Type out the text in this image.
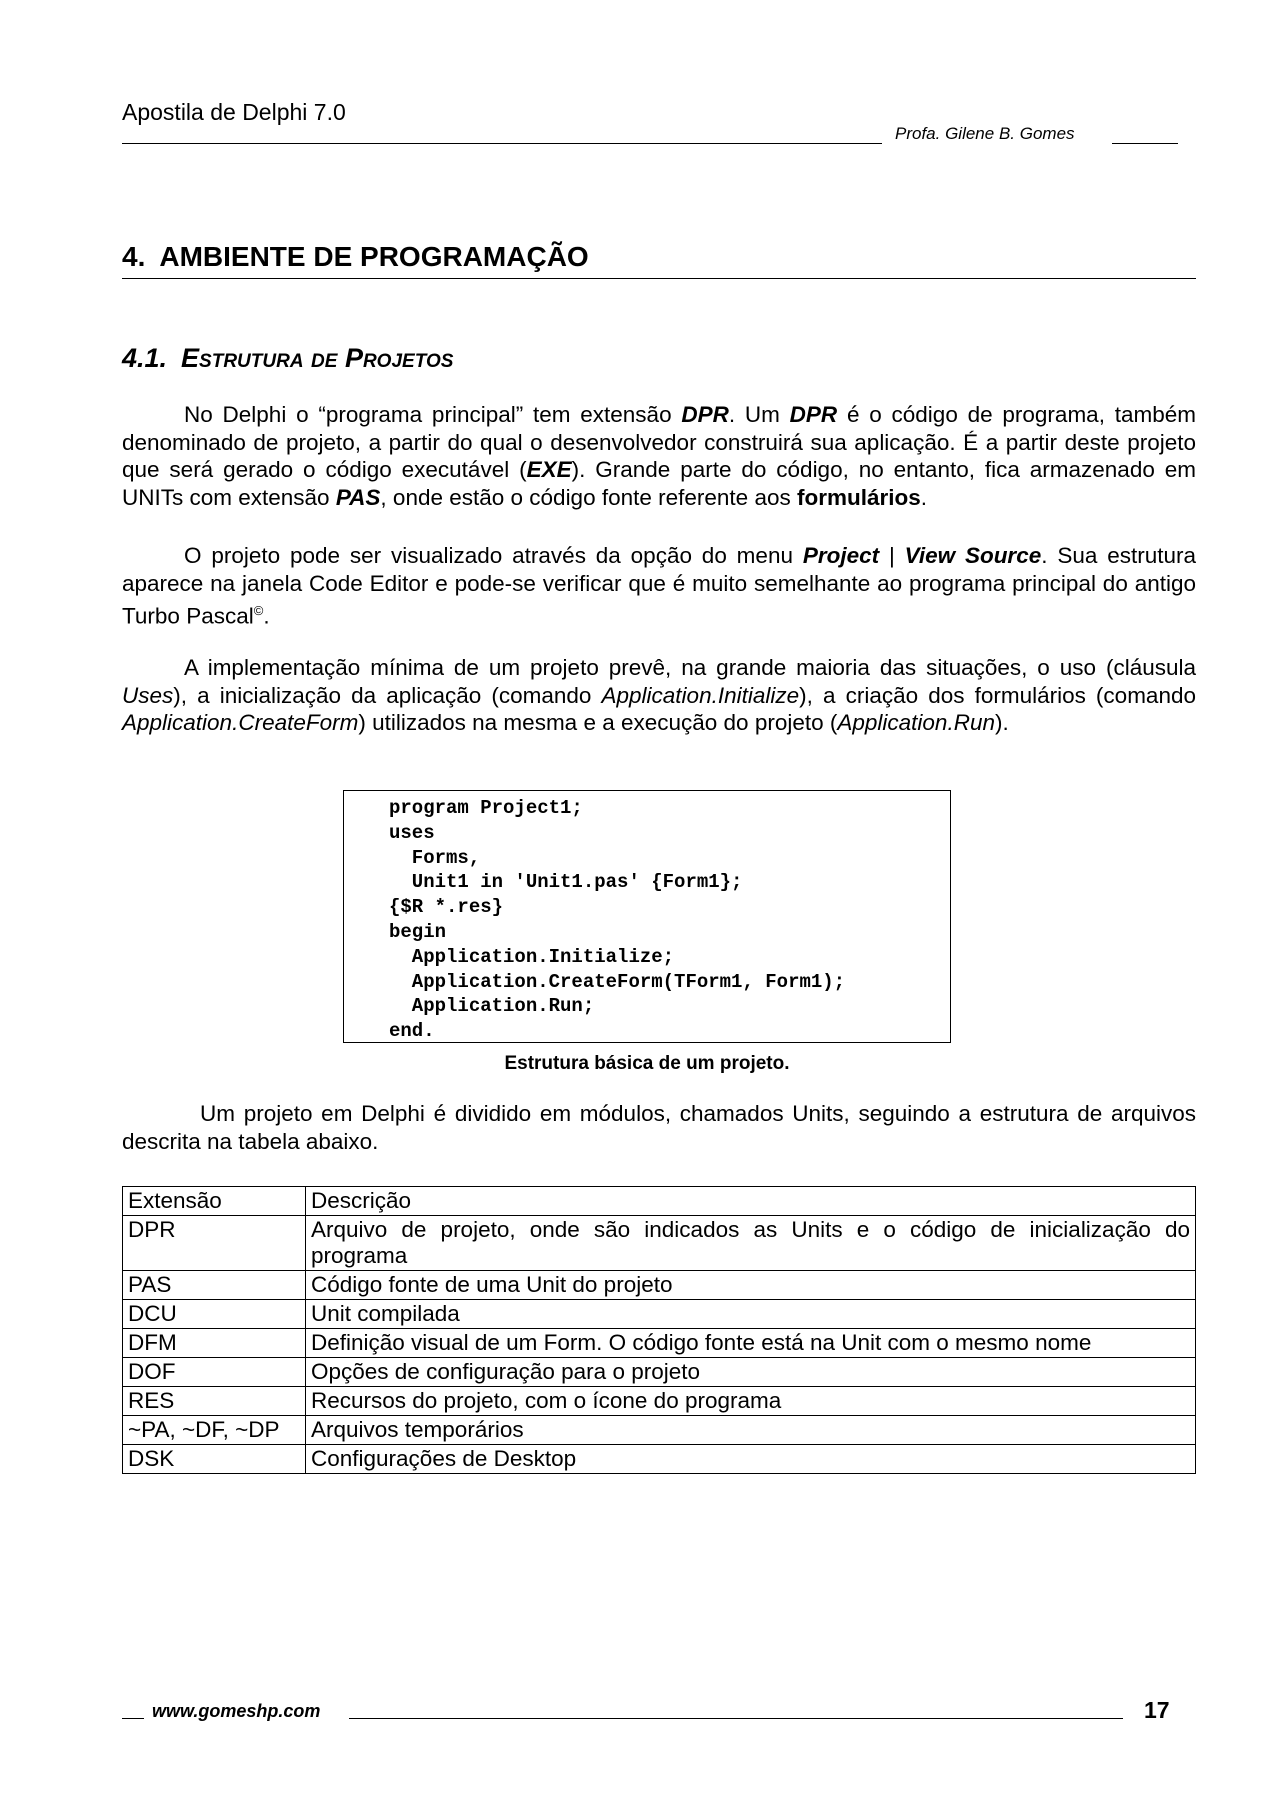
Apostila de Delphi 7.0
Profa. Gilene B. Gomes
4. AMBIENTE DE PROGRAMAÇÃO
4.1. Estrutura de Projetos

No Delphi o “programa principal” tem extensão DPR. Um DPR é o código de programa, também denominado de projeto, a partir do qual o desenvolvedor construirá sua aplicação. É a partir deste projeto que será gerado o código executável (EXE). Grande parte do código, no entanto, fica armazenado em UNITs com extensão PAS, onde estão o código fonte referente aos formulários.

O projeto pode ser visualizado através da opção do menu Project | View Source. Sua estrutura aparece na janela Code Editor e pode-se verificar que é muito semelhante ao programa principal do antigo Turbo Pascal©.

A implementação mínima de um projeto prevê, na grande maioria das situações, o uso (cláusula Uses), a inicialização da aplicação (comando Application.Initialize), a criação dos formulários (comando Application.CreateForm) utilizados na mesma e a execução do projeto (Application.Run).

program Project1;
uses
Forms,
Unit1 in 'Unit1.pas' {Form1};
{$R *.res}
begin
Application.Initialize;
Application.CreateForm(TForm1, Form1);
Application.Run;
end.
Estrutura básica de um projeto.

Um projeto em Delphi é dividido em módulos, chamados Units, seguindo a estrutura de arquivos descrita na tabela abaixo.

Extensão	Descrição
DPR	Arquivo de projeto, onde são indicados as Units e o código de inicialização do programa
PAS	Código fonte de uma Unit do projeto
DCU	Unit compilada
DFM	Definição visual de um Form. O código fonte está na Unit com o mesmo nome
DOF	Opções de configuração para o projeto
RES	Recursos do projeto, com o ícone do programa
~PA, ~DF, ~DP	Arquivos temporários
DSK	Configurações de Desktop
www.gomeshp.com	17
